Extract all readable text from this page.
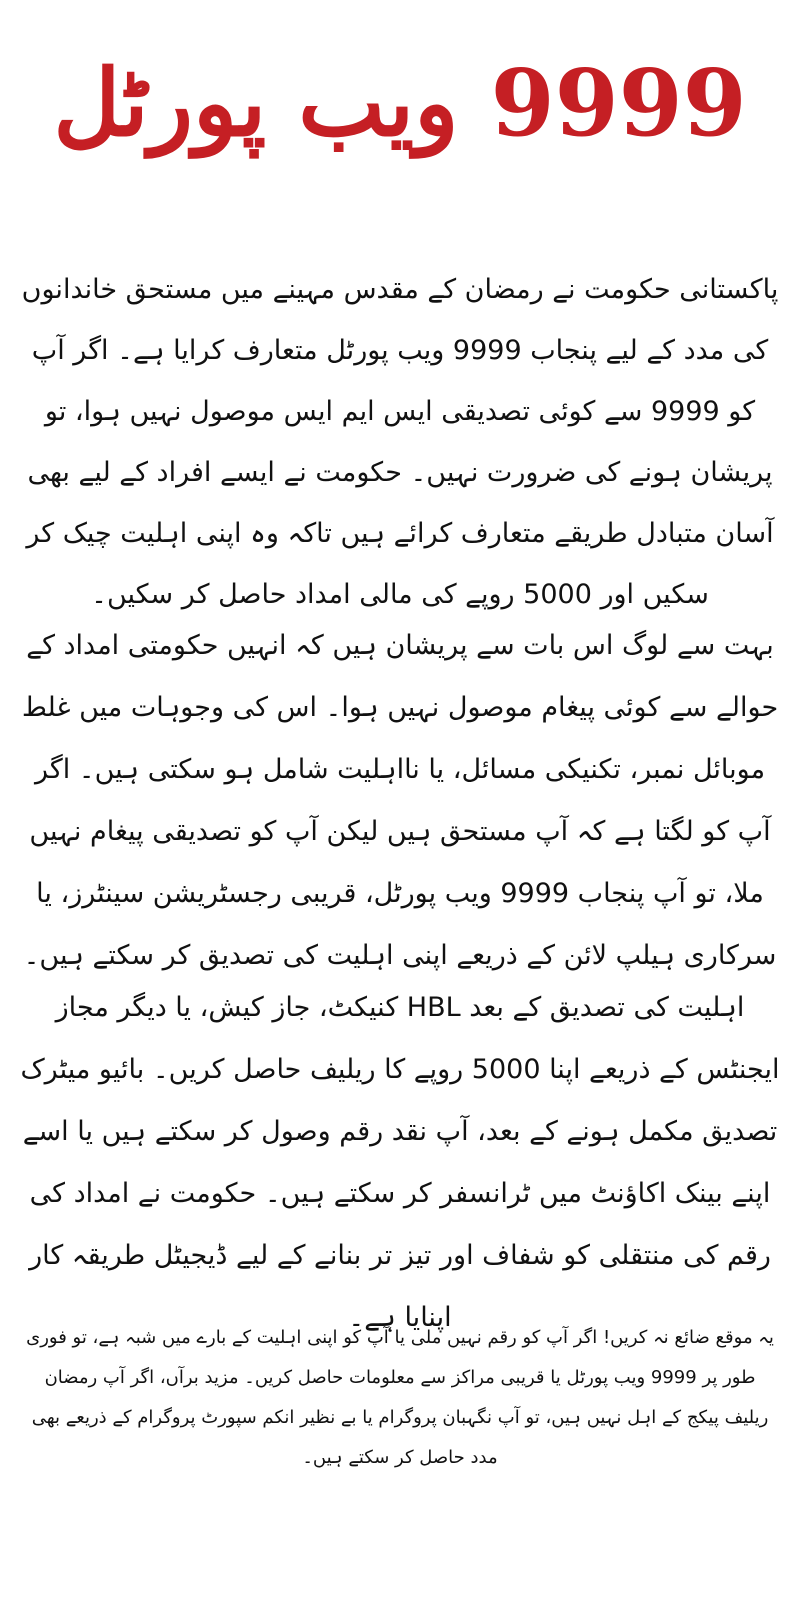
9999 ویب پورٹل

پاکستانی حکومت نے رمضان کے مقدس مہینے میں مستحق خاندانوں کی مدد کے لیے پنجاب 9999 ویب پورٹل متعارف کرایا ہے۔ اگر آپ کو 9999 سے کوئی تصدیقی ایس ایم ایس موصول نہیں ہوا، تو پریشان ہونے کی ضرورت نہیں۔ حکومت نے ایسے افراد کے لیے بھی آسان متبادل طریقے متعارف کرائے ہیں تاکہ وہ اپنی اہلیت چیک کر سکیں اور 5000 روپے کی مالی امداد حاصل کر سکیں۔

بہت سے لوگ اس بات سے پریشان ہیں کہ انہیں حکومتی امداد کے حوالے سے کوئی پیغام موصول نہیں ہوا۔ اس کی وجوہات میں غلط موبائل نمبر، تکنیکی مسائل، یا نااہلیت شامل ہو سکتی ہیں۔ اگر آپ کو لگتا ہے کہ آپ مستحق ہیں لیکن آپ کو تصدیقی پیغام نہیں ملا، تو آپ پنجاب 9999 ویب پورٹل، قریبی رجسٹریشن سینٹرز، یا سرکاری ہیلپ لائن کے ذریعے اپنی اہلیت کی تصدیق کر سکتے ہیں۔

اہلیت کی تصدیق کے بعد HBL کنیکٹ، جاز کیش، یا دیگر مجاز ایجنٹس کے ذریعے اپنا 5000 روپے کا ریلیف حاصل کریں۔ بائیو میٹرک تصدیق مکمل ہونے کے بعد، آپ نقد رقم وصول کر سکتے ہیں یا اسے اپنے بینک اکاؤنٹ میں ٹرانسفر کر سکتے ہیں۔ حکومت نے امداد کی رقم کی منتقلی کو شفاف اور تیز تر بنانے کے لیے ڈیجیٹل طریقہ کار اپنایا ہے۔

یہ موقع ضائع نہ کریں! اگر آپ کو رقم نہیں ملی یا آپ کو اپنی اہلیت کے بارے میں شبہ ہے، تو فوری طور پر 9999 ویب پورٹل یا قریبی مراکز سے معلومات حاصل کریں۔ مزید برآں، اگر آپ رمضان ریلیف پیکج کے اہل نہیں ہیں، تو آپ نگہبان پروگرام یا بے نظیر انکم سپورٹ پروگرام کے ذریعے بھی مدد حاصل کر سکتے ہیں۔
